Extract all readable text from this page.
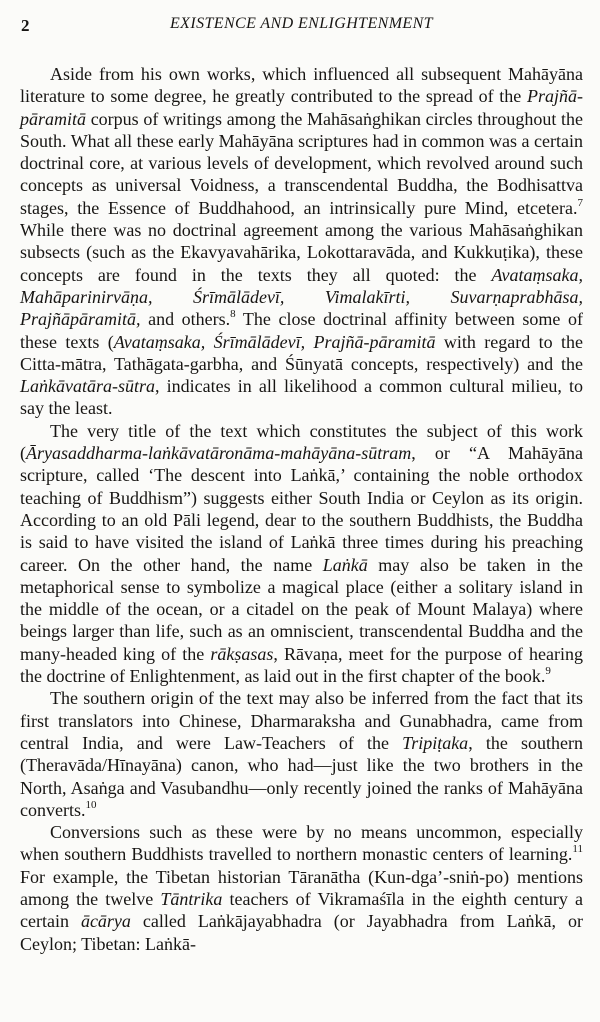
2	EXISTENCE AND ENLIGHTENMENT

Aside from his own works, which influenced all subsequent Mahāyāna literature to some degree, he greatly contributed to the spread of the Prajñā-pāramitā corpus of writings among the Mahāsaṅghikan circles throughout the South. What all these early Mahāyāna scriptures had in common was a certain doctrinal core, at various levels of development, which revolved around such concepts as universal Voidness, a transcendental Buddha, the Bodhisattva stages, the Essence of Buddhahood, an intrinsically pure Mind, etcetera.$^7$ While there was no doctrinal agreement among the various Mahāsaṅghikan subsects (such as the Ekavyavahārika, Lokottaravāda, and Kukkuṭika), these concepts are found in the texts they all quoted: the Avataṃsaka, Mahāparinirvāṇa, Śrīmālādevī, Vimalakīrti, Suvarṇaprabhāsa, Prajñāpāramitā, and others.$^8$ The close doctrinal affinity between some of these texts (Avataṃsaka, Śrīmālādevī, Prajñā-pāramitā with regard to the Citta-mātra, Tathāgata-garbha, and Śūnyatā concepts, respectively) and the Laṅkāvatāra-sūtra, indicates in all likelihood a common cultural milieu, to say the least.

The very title of the text which constitutes the subject of this work (Āryasaddharma-laṅkāvatāronāma-mahāyāna-sūtram, or “A Mahāyāna scripture, called ‘The descent into Laṅkā,’ containing the noble orthodox teaching of Buddhism”) suggests either South India or Ceylon as its origin. According to an old Pāli legend, dear to the southern Buddhists, the Buddha is said to have visited the island of Laṅkā three times during his preaching career. On the other hand, the name Laṅkā may also be taken in the metaphorical sense to symbolize a magical place (either a solitary island in the middle of the ocean, or a citadel on the peak of Mount Malaya) where beings larger than life, such as an omniscient, transcendental Buddha and the many-headed king of the rākṣasas, Rāvaṇa, meet for the purpose of hearing the doctrine of Enlightenment, as laid out in the first chapter of the book.$^9$

The southern origin of the text may also be inferred from the fact that its first translators into Chinese, Dharmaraksha and Gunabhadra, came from central India, and were Law-Teachers of the Tripiṭaka, the southern (Theravāda/Hīnayāna) canon, who had—just like the two brothers in the North, Asaṅga and Vasubandhu—only recently joined the ranks of Mahāyāna converts.$^{10}$

Conversions such as these were by no means uncommon, especially when southern Buddhists travelled to northern monastic centers of learning.$^{11}$ For example, the Tibetan historian Tāranātha (Kun-dga’-sniṅ-po) mentions among the twelve Tāntrika teachers of Vikramaśīla in the eighth century a certain ācārya called Laṅkājayabhadra (or Jayabhadra from Laṅkā, or Ceylon; Tibetan: Laṅkā-
